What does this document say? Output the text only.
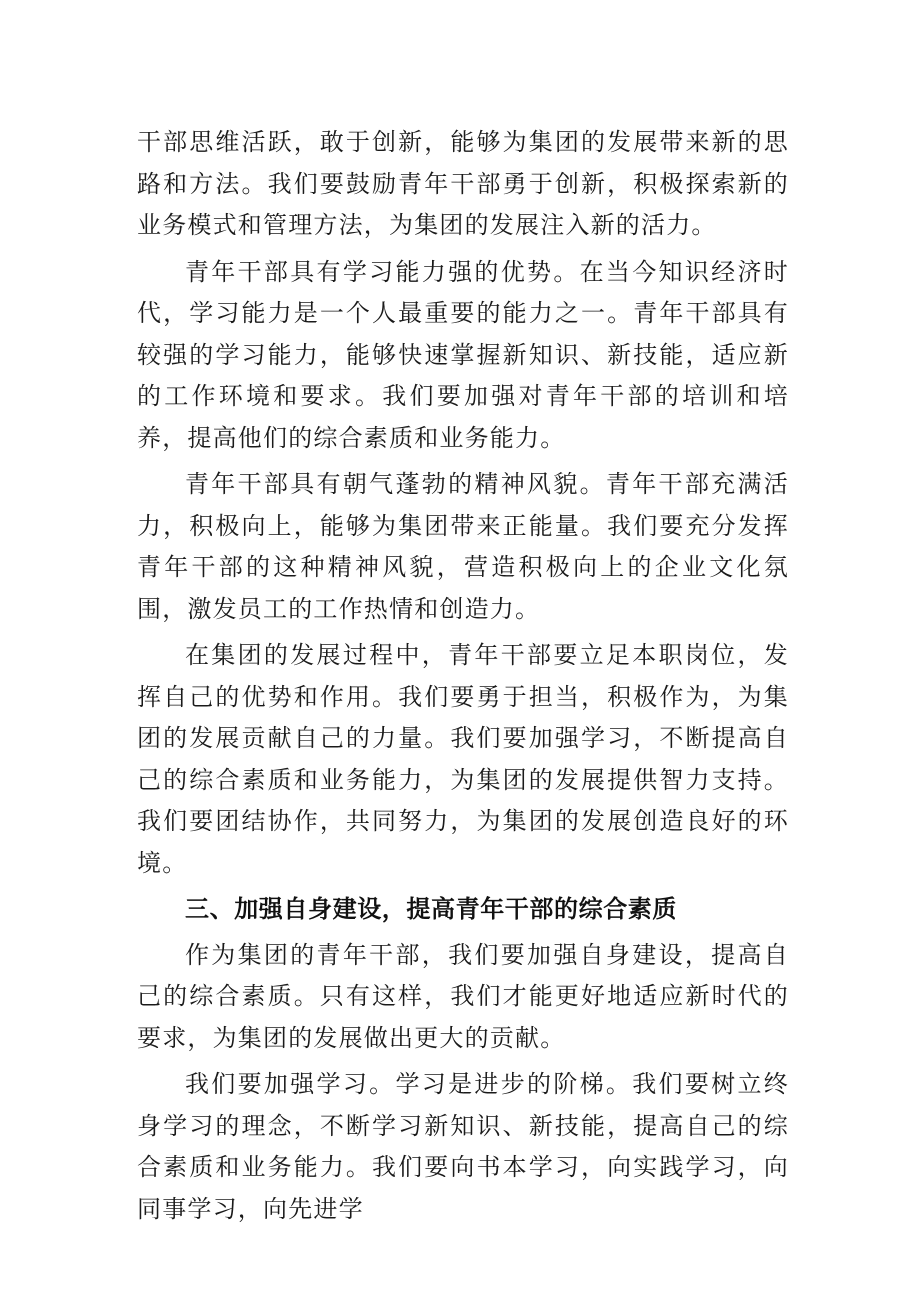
干部思维活跃，敢于创新，能够为集团的发展带来新的思路和方法。我们要鼓励青年干部勇于创新，积极探索新的业务模式和管理方法，为集团的发展注入新的活力。

青年干部具有学习能力强的优势。在当今知识经济时代，学习能力是一个人最重要的能力之一。青年干部具有较强的学习能力，能够快速掌握新知识、新技能，适应新的工作环境和要求。我们要加强对青年干部的培训和培养，提高他们的综合素质和业务能力。

青年干部具有朝气蓬勃的精神风貌。青年干部充满活力，积极向上，能够为集团带来正能量。我们要充分发挥青年干部的这种精神风貌，营造积极向上的企业文化氛围，激发员工的工作热情和创造力。

在集团的发展过程中，青年干部要立足本职岗位，发挥自己的优势和作用。我们要勇于担当，积极作为，为集团的发展贡献自己的力量。我们要加强学习，不断提高自己的综合素质和业务能力，为集团的发展提供智力支持。我们要团结协作，共同努力，为集团的发展创造良好的环境。

三、加强自身建设，提高青年干部的综合素质

作为集团的青年干部，我们要加强自身建设，提高自己的综合素质。只有这样，我们才能更好地适应新时代的要求，为集团的发展做出更大的贡献。

我们要加强学习。学习是进步的阶梯。我们要树立终身学习的理念，不断学习新知识、新技能，提高自己的综合素质和业务能力。我们要向书本学习，向实践学习，向同事学习，向先进学
